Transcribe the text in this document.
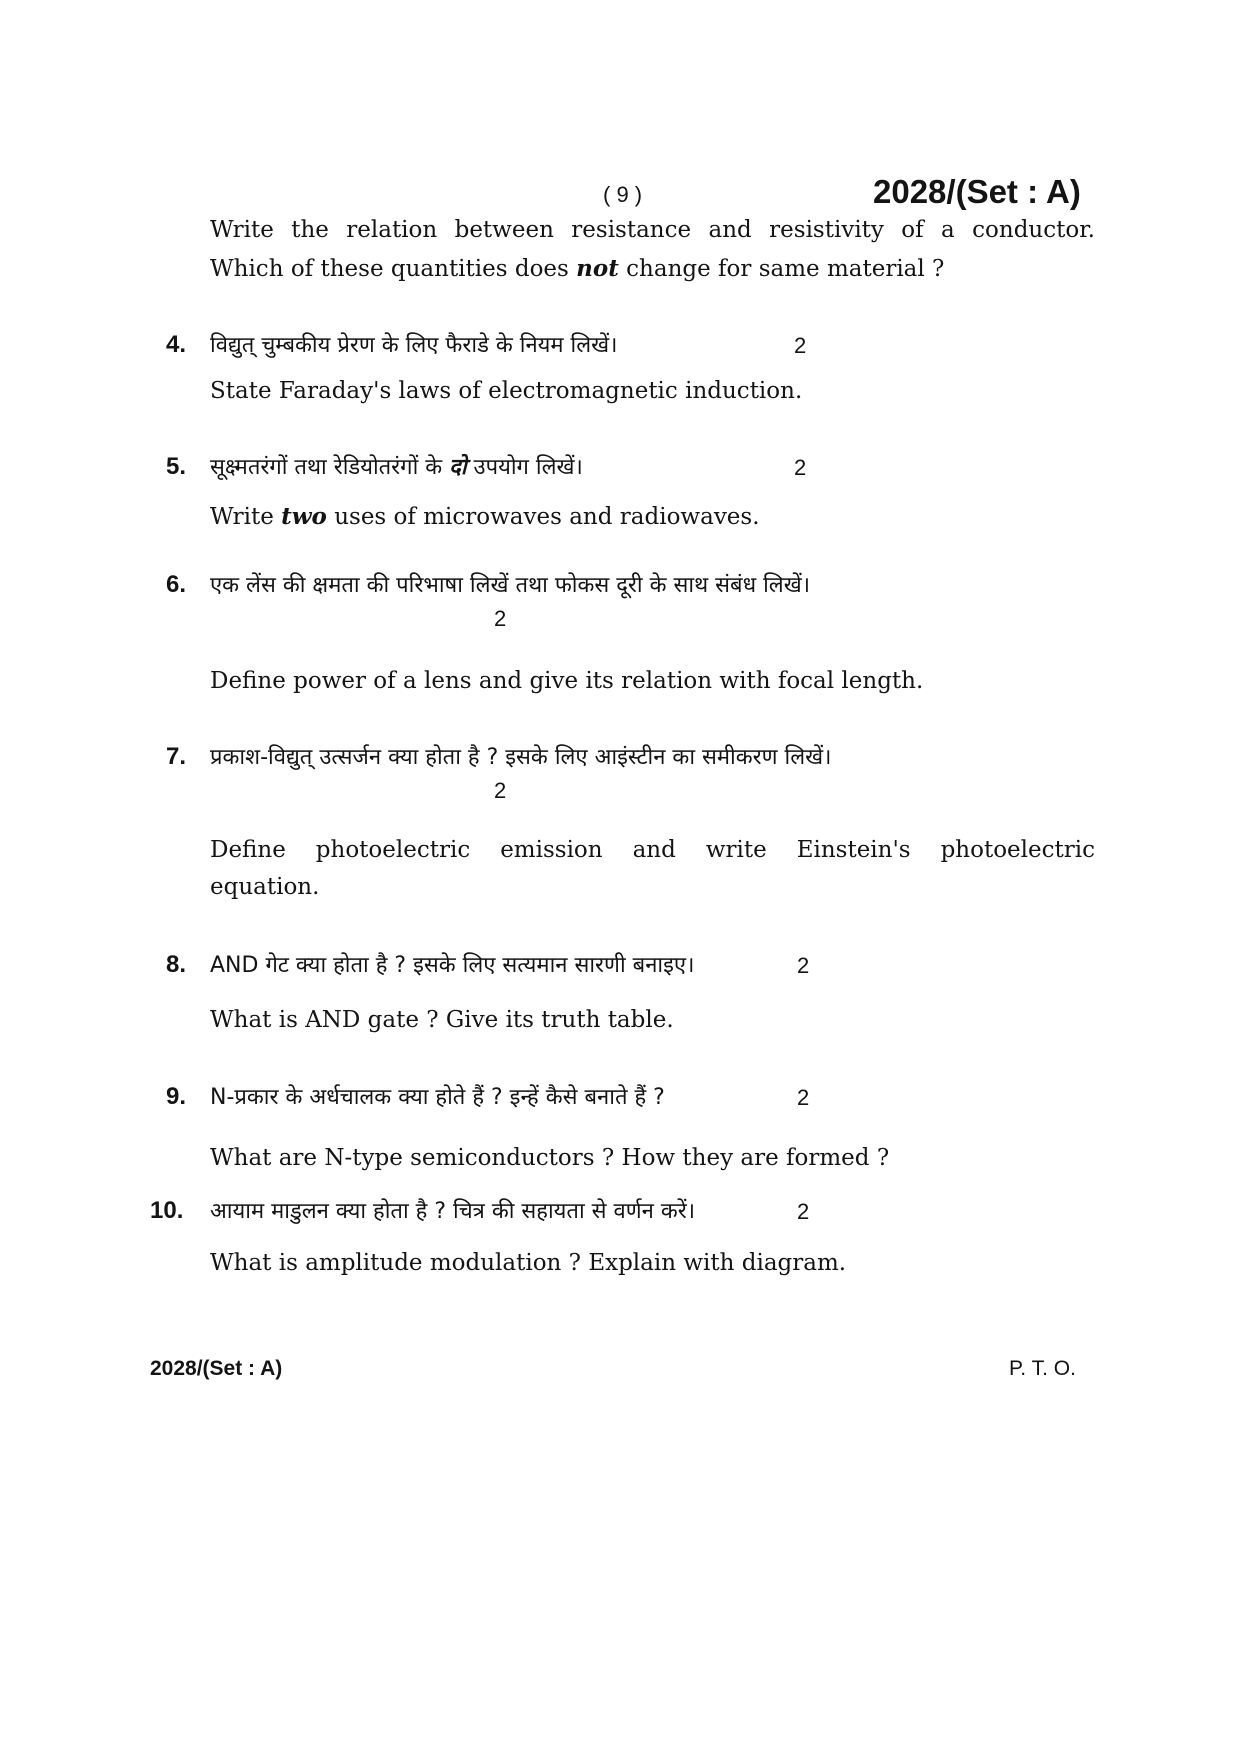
( 9 )	2028/(Set : A)
Write the relation between resistance and resistivity of a conductor.
Which of these quantities does not change for same material ?
4. विद्युत् चुम्बकीय प्रेरण के लिए फैराडे के नियम लिखें।	2
State Faraday's laws of electromagnetic induction.
5. सूक्ष्मतरंगों तथा रेडियोतरंगों के दो उपयोग लिखें।	2
Write two uses of microwaves and radiowaves.
6. एक लेंस की क्षमता की परिभाषा लिखें तथा फोकस दूरी के साथ संबंध लिखें।
2
Define power of a lens and give its relation with focal length.
7. प्रकाश-विद्युत् उत्सर्जन क्या होता है ? इसके लिए आइंस्टीन का समीकरण लिखें।
2
Define photoelectric emission and write Einstein's photoelectric
equation.
8. AND गेट क्या होता है ? इसके लिए सत्यमान सारणी बनाइए।	2
What is AND gate ? Give its truth table.
9. N-प्रकार के अर्धचालक क्या होते हैं ? इन्हें कैसे बनाते हैं ?	2
What are N-type semiconductors ? How they are formed ?
10. आयाम माडुलन क्या होता है ? चित्र की सहायता से वर्णन करें।	2
What is amplitude modulation ? Explain with diagram.
2028/(Set : A)	P. T. O.
